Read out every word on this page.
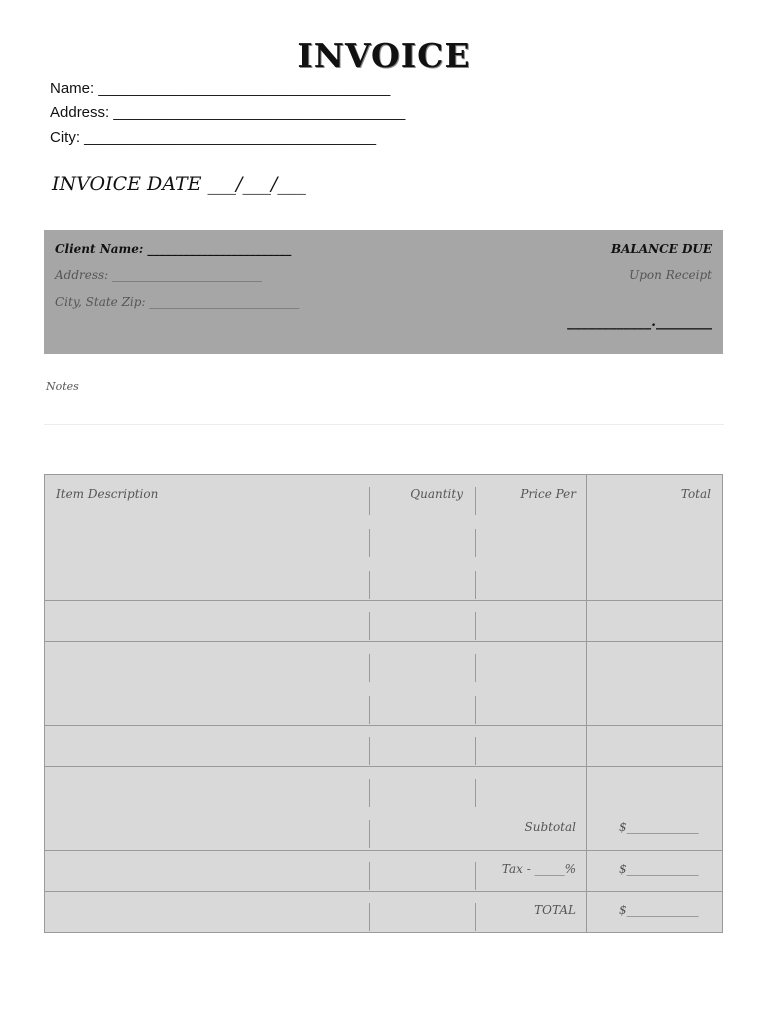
INVOICE
Name: ___________________________________
Address: ___________________________________
City: ___________________________________
INVOICE DATE ___/___/___
Client Name: ________________________
Address: _________________________
City, State Zip: _________________________
BALANCE DUE
Upon Receipt
____________.________
Notes
Item Description	Quantity	Price Per	Total
Subtotal	$____________
Tax - _____%	$____________
TOTAL	$____________
